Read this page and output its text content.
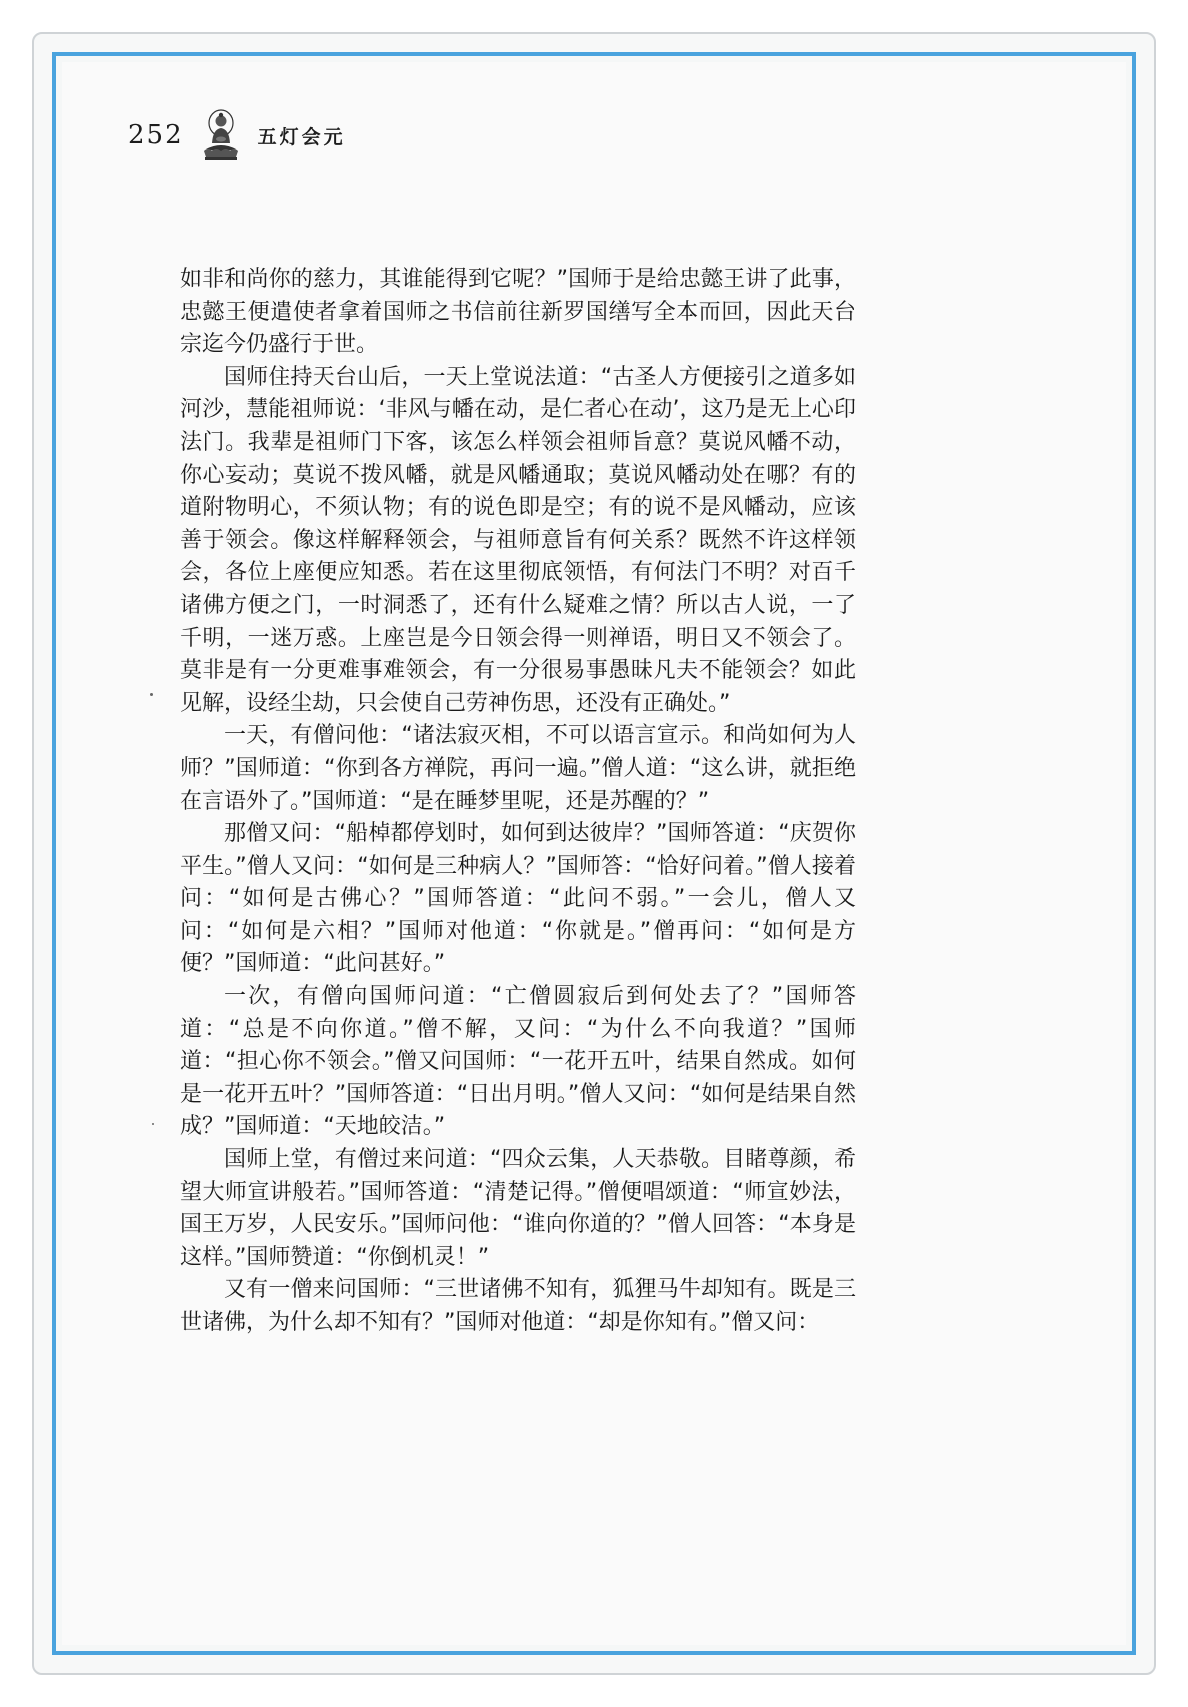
252	五灯会元

如非和尚你的慈力，其谁能得到它呢？”国师于是给忠懿王讲了此事，忠懿王便遣使者拿着国师之书信前往新罗国缮写全本而回，因此天台宗迄今仍盛行于世。

国师住持天台山后，一天上堂说法道：“古圣人方便接引之道多如河沙，慧能祖师说：‘非风与幡在动，是仁者心在动’，这乃是无上心印法门。我辈是祖师门下客，该怎么样领会祖师旨意？莫说风幡不动，你心妄动；莫说不拨风幡，就是风幡通取；莫说风幡动处在哪？有的道附物明心，不须认物；有的说色即是空；有的说不是风幡动，应该善于领会。像这样解释领会，与祖师意旨有何关系？既然不许这样领会，各位上座便应知悉。若在这里彻底领悟，有何法门不明？对百千诸佛方便之门，一时洞悉了，还有什么疑难之情？所以古人说，一了千明，一迷万惑。上座岂是今日领会得一则禅语，明日又不领会了。莫非是有一分更难事难领会，有一分很易事愚昧凡夫不能领会？如此见解，设经尘劫，只会使自己劳神伤思，还没有正确处。”

一天，有僧问他：“诸法寂灭相，不可以语言宣示。和尚如何为人师？”国师道：“你到各方禅院，再问一遍。”僧人道：“这么讲，就拒绝在言语外了。”国师道：“是在睡梦里呢，还是苏醒的？”

那僧又问：“船棹都停划时，如何到达彼岸？”国师答道：“庆贺你平生。”僧人又问：“如何是三种病人？”国师答：“恰好问着。”僧人接着问：“如何是古佛心？”国师答道：“此问不弱。”一会儿，僧人又问：“如何是六相？”国师对他道：“你就是。”僧再问：“如何是方便？”国师道：“此问甚好。”

一次，有僧向国师问道：“亡僧圆寂后到何处去了？”国师答道：“总是不向你道。”僧不解，又问：“为什么不向我道？”国师道：“担心你不领会。”僧又问国师：“一花开五叶，结果自然成。如何是一花开五叶？”国师答道：“日出月明。”僧人又问：“如何是结果自然成？”国师道：“天地皎洁。”

国师上堂，有僧过来问道：“四众云集，人天恭敬。目睹尊颜，希望大师宣讲般若。”国师答道：“清楚记得。”僧便唱颂道：“师宣妙法，国王万岁，人民安乐。”国师问他：“谁向你道的？”僧人回答：“本身是这样。”国师赞道：“你倒机灵！”

又有一僧来问国师：“三世诸佛不知有，狐狸马牛却知有。既是三世诸佛，为什么却不知有？”国师对他道：“却是你知有。”僧又问：
